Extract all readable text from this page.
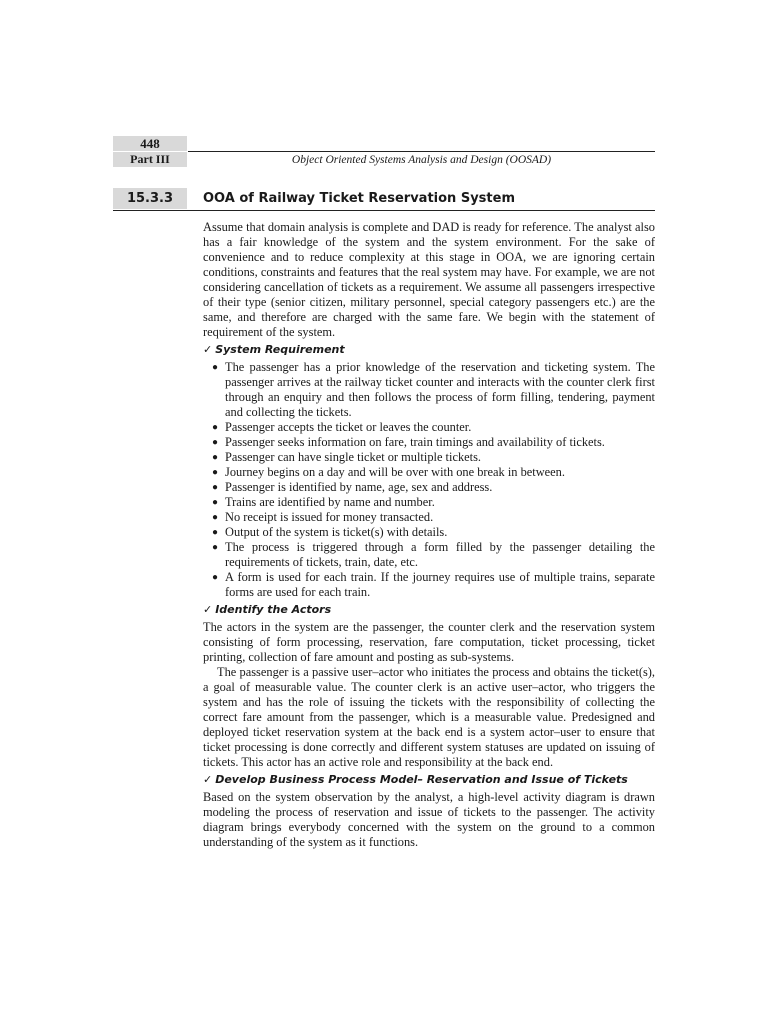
448
Part III	Object Oriented Systems Analysis and Design (OOSAD)
15.3.3	OOA of Railway Ticket Reservation System

Assume that domain analysis is complete and DAD is ready for reference. The analyst also has a fair knowledge of the system and the system environment. For the sake of convenience and to reduce complexity at this stage in OOA, we are ignoring certain conditions, constraints and features that the real system may have. For example, we are not considering cancellation of tickets as a requirement. We assume all passengers irrespective of their type (senior citizen, military personnel, special category passengers etc.) are the same, and therefore are charged with the same fare. We begin with the statement of requirement of the system.

✓ System Requirement
● The passenger has a prior knowledge of the reservation and ticketing system. The passenger arrives at the railway ticket counter and interacts with the counter clerk first through an enquiry and then follows the process of form filling, tendering, payment and collecting the tickets.
● Passenger accepts the ticket or leaves the counter.
● Passenger seeks information on fare, train timings and availability of tickets.
● Passenger can have single ticket or multiple tickets.
● Journey begins on a day and will be over with one break in between.
● Passenger is identified by name, age, sex and address.
● Trains are identified by name and number.
● No receipt is issued for money transacted.
● Output of the system is ticket(s) with details.
● The process is triggered through a form filled by the passenger detailing the requirements of tickets, train, date, etc.
● A form is used for each train. If the journey requires use of multiple trains, separate forms are used for each train.
✓ Identify the Actors

The actors in the system are the passenger, the counter clerk and the reservation system consisting of form processing, reservation, fare computation, ticket processing, ticket printing, collection of fare amount and posting as sub-systems.

The passenger is a passive user–actor who initiates the process and obtains the ticket(s), a goal of measurable value. The counter clerk is an active user–actor, who triggers the system and has the role of issuing the tickets with the responsibility of collecting the correct fare amount from the passenger, which is a measurable value. Predesigned and deployed ticket reservation system at the back end is a system actor–user to ensure that ticket processing is done correctly and different system statuses are updated on issuing of tickets. This actor has an active role and responsibility at the back end.

✓ Develop Business Process Model– Reservation and Issue of Tickets

Based on the system observation by the analyst, a high-level activity diagram is drawn modeling the process of reservation and issue of tickets to the passenger. The activity diagram brings everybody concerned with the system on the ground to a common understanding of the system as it functions.
